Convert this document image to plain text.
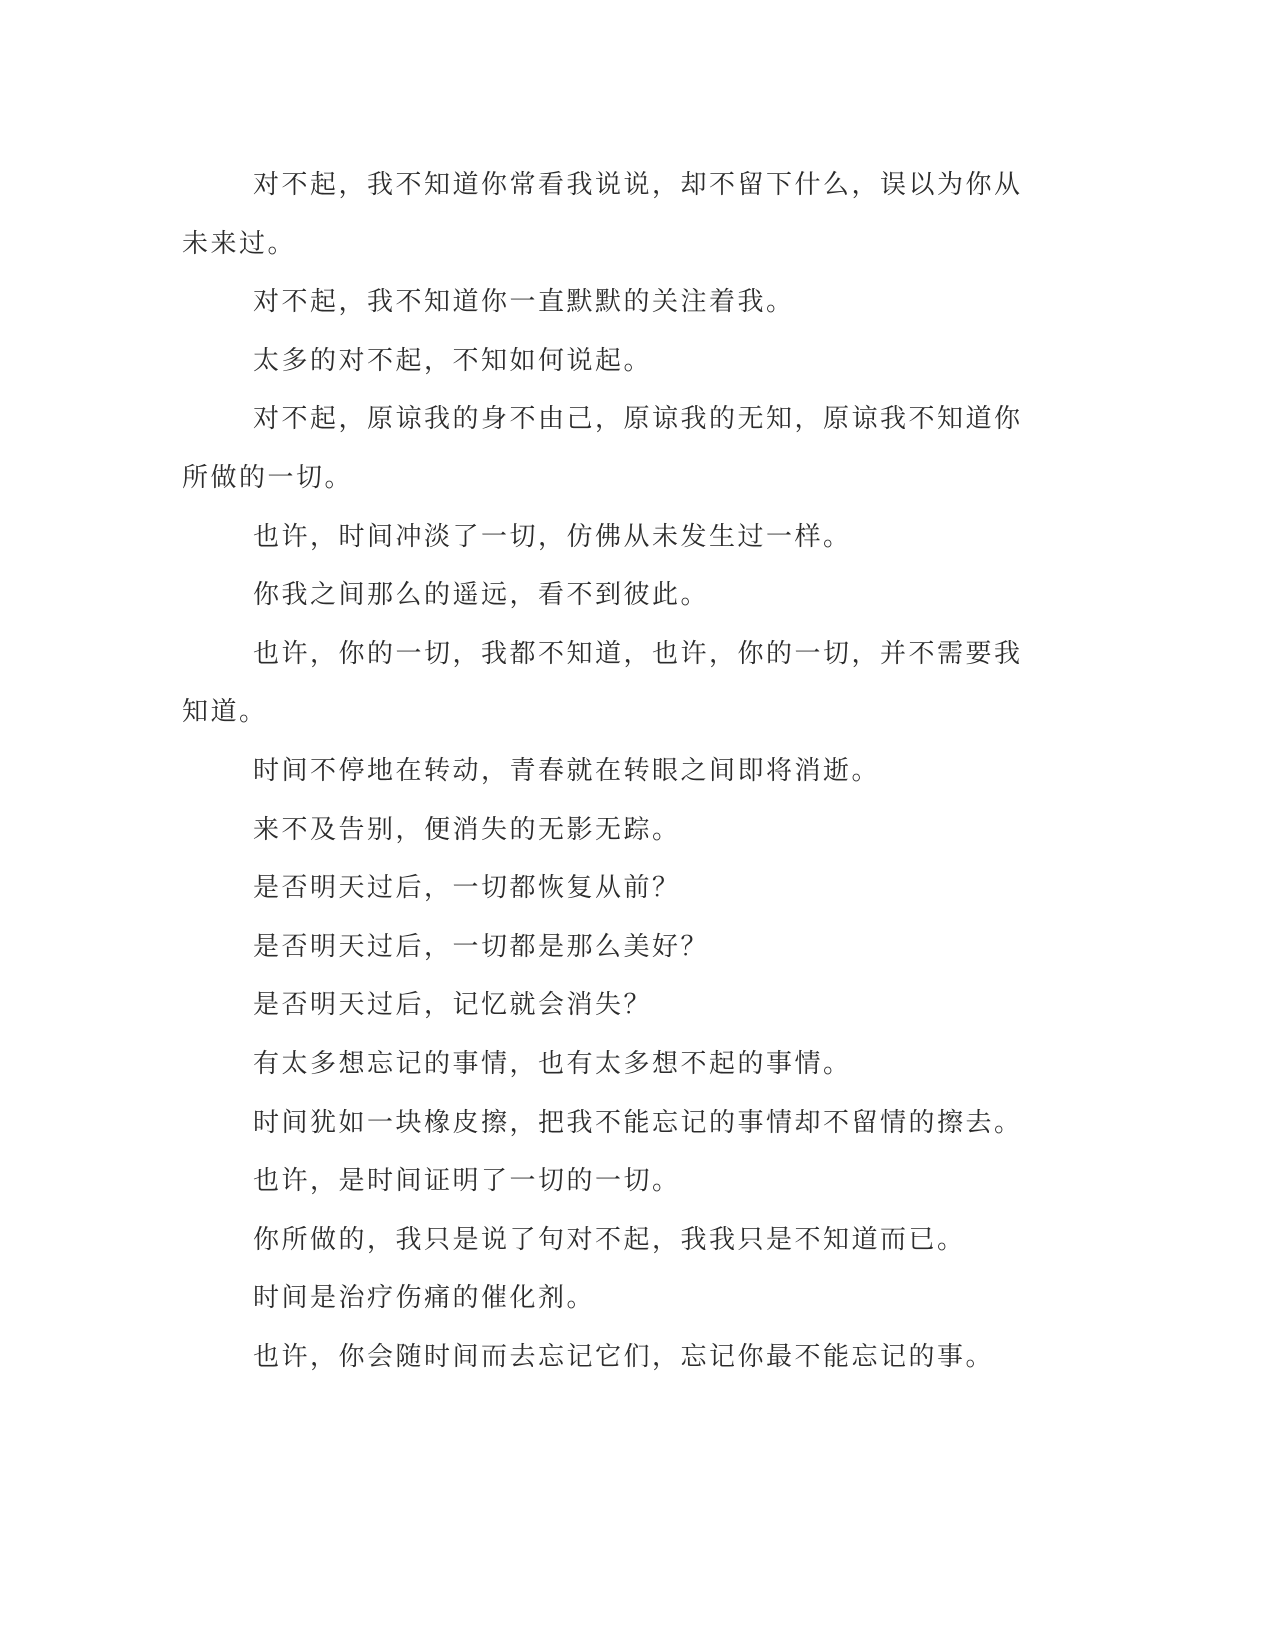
对不起，我不知道你常看我说说，却不留下什么，误以为你从未来过。

对不起，我不知道你一直默默的关注着我。

太多的对不起，不知如何说起。

对不起，原谅我的身不由己，原谅我的无知，原谅我不知道你所做的一切。

也许，时间冲淡了一切，仿佛从未发生过一样。

你我之间那么的遥远，看不到彼此。

也许，你的一切，我都不知道，也许，你的一切，并不需要我知道。

时间不停地在转动，青春就在转眼之间即将消逝。

来不及告别，便消失的无影无踪。

是否明天过后，一切都恢复从前？

是否明天过后，一切都是那么美好？

是否明天过后，记忆就会消失？

有太多想忘记的事情，也有太多想不起的事情。

时间犹如一块橡皮擦，把我不能忘记的事情却不留情的擦去。

也许，是时间证明了一切的一切。

你所做的，我只是说了句对不起，我我只是不知道而已。

时间是治疗伤痛的催化剂。

也许，你会随时间而去忘记它们，忘记你最不能忘记的事。
